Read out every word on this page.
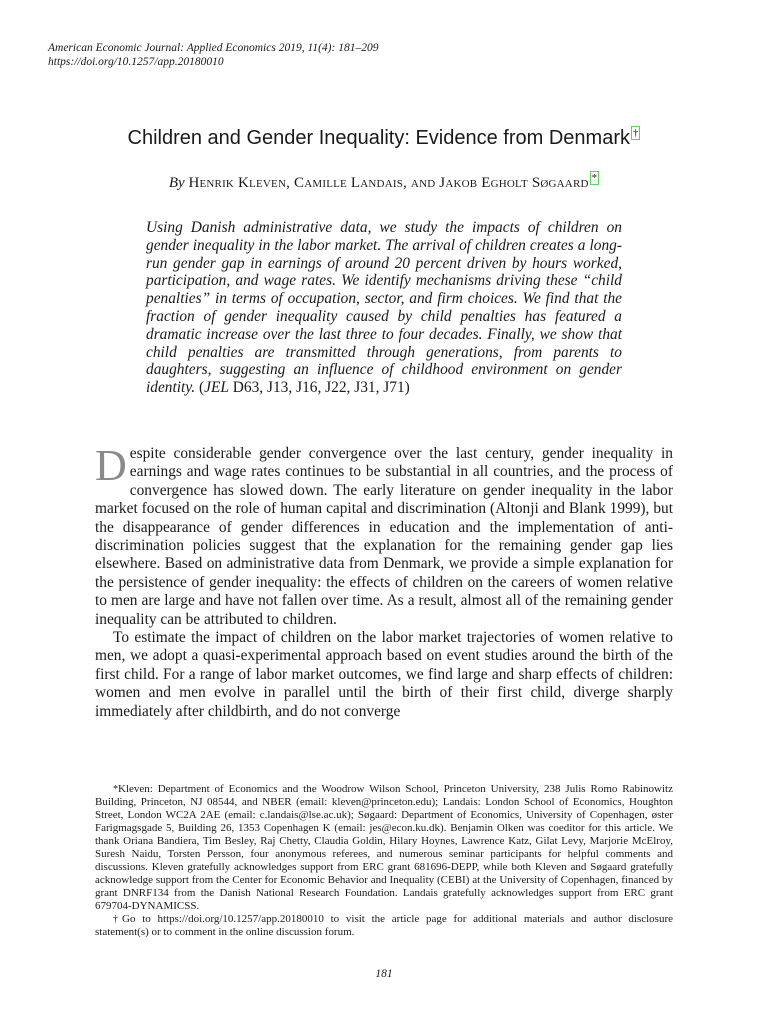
American Economic Journal: Applied Economics 2019, 11(4): 181–209
https://doi.org/10.1257/app.20180010
Children and Gender Inequality: Evidence from Denmark †
By Henrik Kleven, Camille Landais, and Jakob Egholt Søgaard *
Using Danish administrative data, we study the impacts of children on gender inequality in the labor market. The arrival of children creates a long-run gender gap in earnings of around 20 percent driven by hours worked, participation, and wage rates. We identify mechanisms driving these “child penalties” in terms of occupation, sector, and firm choices. We find that the fraction of gender inequality caused by child penalties has featured a dramatic increase over the last three to four decades. Finally, we show that child penalties are transmitted through generations, from parents to daughters, suggesting an influence of childhood environment on gender identity. (JEL D63, J13, J16, J22, J31, J71)

Despite considerable gender convergence over the last century, gender inequality in earnings and wage rates continues to be substantial in all countries, and the process of convergence has slowed down. The early literature on gender inequality in the labor market focused on the role of human capital and discrimination (Altonji and Blank 1999), but the disappearance of gender differences in education and the implementation of anti-discrimination policies suggest that the explanation for the remaining gender gap lies elsewhere. Based on administrative data from Denmark, we provide a simple explanation for the persistence of gender inequality: the effects of children on the careers of women relative to men are large and have not fallen over time. As a result, almost all of the remaining gender inequality can be attributed to children.

To estimate the impact of children on the labor market trajectories of women relative to men, we adopt a quasi-experimental approach based on event studies around the birth of the first child. For a range of labor market outcomes, we find large and sharp effects of children: women and men evolve in parallel until the birth of their first child, diverge sharply immediately after childbirth, and do not converge

*Kleven: Department of Economics and the Woodrow Wilson School, Princeton University, 238 Julis Romo Rabinowitz Building, Princeton, NJ 08544, and NBER (email: kleven@princeton.edu); Landais: London School of Economics, Houghton Street, London WC2A 2AE (email: c.landais@lse.ac.uk); Søgaard: Department of Economics, University of Copenhagen, øster Farigmagsgade 5, Building 26, 1353 Copenhagen K (email: jes@econ.ku.dk). Benjamin Olken was coeditor for this article. We thank Oriana Bandiera, Tim Besley, Raj Chetty, Claudia Goldin, Hilary Hoynes, Lawrence Katz, Gilat Levy, Marjorie McElroy, Suresh Naidu, Torsten Persson, four anonymous referees, and numerous seminar participants for helpful comments and discussions. Kleven gratefully acknowledges support from ERC grant 681696-DEPP, while both Kleven and Søgaard gratefully acknowledge support from the Center for Economic Behavior and Inequality (CEBI) at the University of Copenhagen, financed by grant DNRF134 from the Danish National Research Foundation. Landais gratefully acknowledges support from ERC grant 679704-DYNAMICSS.

†Go to https://doi.org/10.1257/app.20180010 to visit the article page for additional materials and author disclosure statement(s) or to comment in the online discussion forum.

181
